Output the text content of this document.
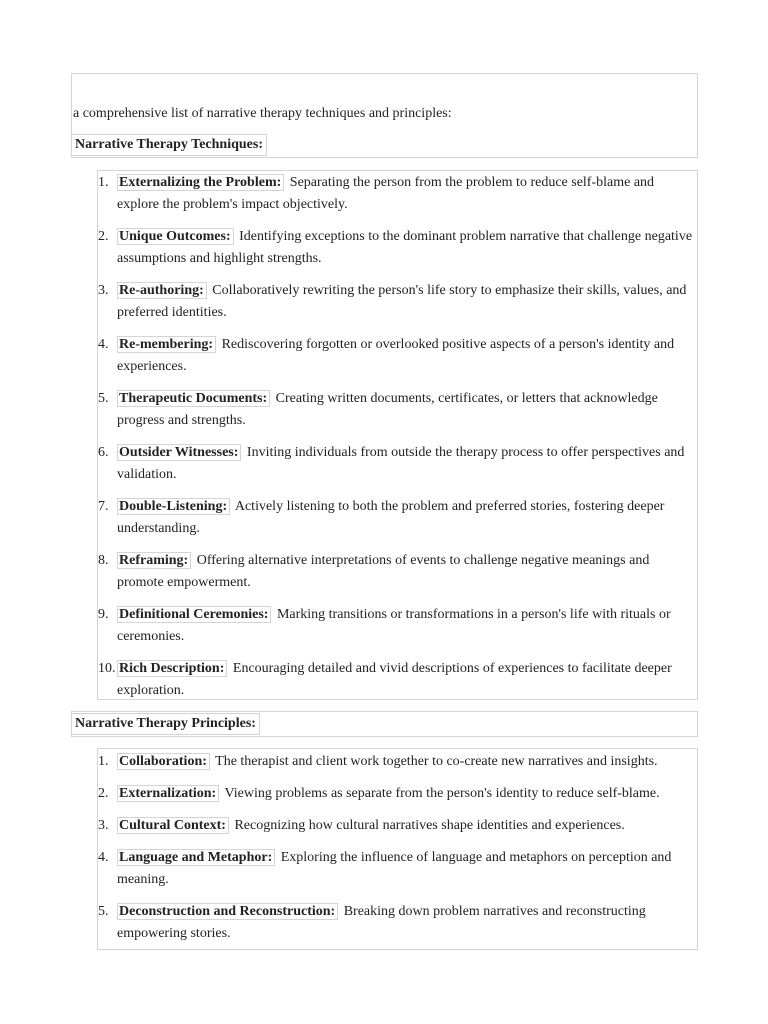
a comprehensive list of narrative therapy techniques and principles:
Narrative Therapy Techniques:
1. Externalizing the Problem: Separating the person from the problem to reduce self-blame and explore the problem's impact objectively.
2. Unique Outcomes: Identifying exceptions to the dominant problem narrative that challenge negative assumptions and highlight strengths.
3. Re-authoring: Collaboratively rewriting the person's life story to emphasize their skills, values, and preferred identities.
4. Re-membering: Rediscovering forgotten or overlooked positive aspects of a person's identity and experiences.
5. Therapeutic Documents: Creating written documents, certificates, or letters that acknowledge progress and strengths.
6. Outsider Witnesses: Inviting individuals from outside the therapy process to offer perspectives and validation.
7. Double-Listening: Actively listening to both the problem and preferred stories, fostering deeper understanding.
8. Reframing: Offering alternative interpretations of events to challenge negative meanings and promote empowerment.
9. Definitional Ceremonies: Marking transitions or transformations in a person's life with rituals or ceremonies.
10. Rich Description: Encouraging detailed and vivid descriptions of experiences to facilitate deeper exploration.
Narrative Therapy Principles:
1. Collaboration: The therapist and client work together to co-create new narratives and insights.
2. Externalization: Viewing problems as separate from the person's identity to reduce self-blame.
3. Cultural Context: Recognizing how cultural narratives shape identities and experiences.
4. Language and Metaphor: Exploring the influence of language and metaphors on perception and meaning.
5. Deconstruction and Reconstruction: Breaking down problem narratives and reconstructing empowering stories.
